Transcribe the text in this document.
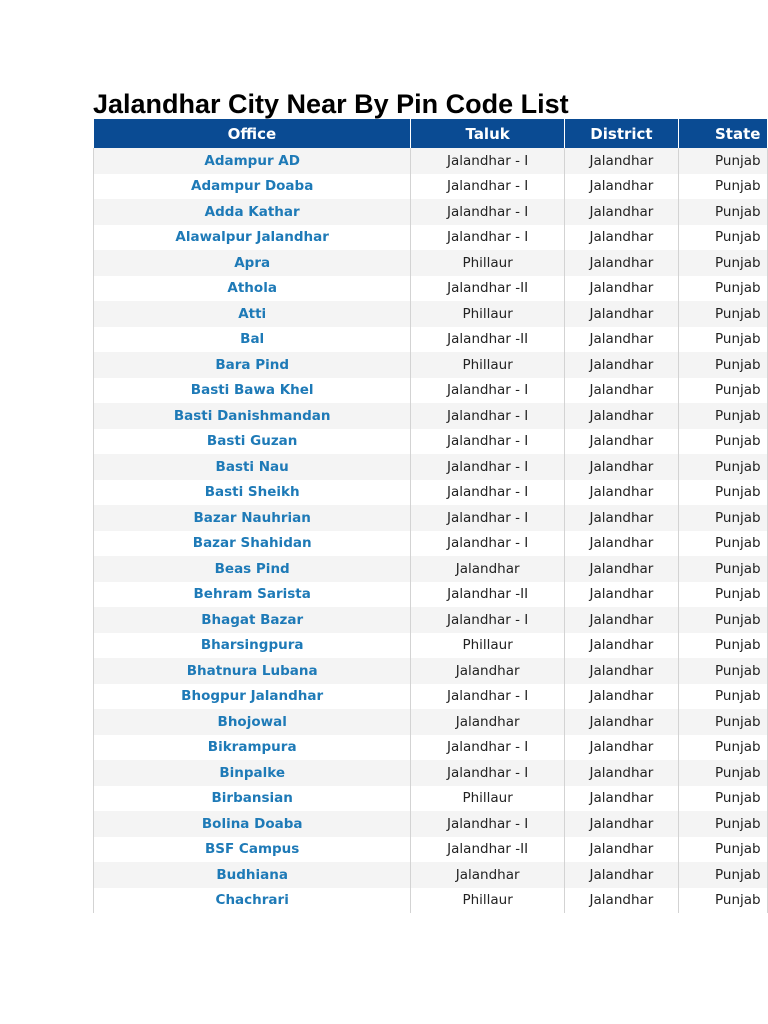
Jalandhar City Near By Pin Code List
Office	Taluk	District	State
Adampur AD	Jalandhar - I	Jalandhar	Punjab
Adampur Doaba	Jalandhar - I	Jalandhar	Punjab
Adda Kathar	Jalandhar - I	Jalandhar	Punjab
Alawalpur Jalandhar	Jalandhar - I	Jalandhar	Punjab
Apra	Phillaur	Jalandhar	Punjab
Athola	Jalandhar -II	Jalandhar	Punjab
Atti	Phillaur	Jalandhar	Punjab
Bal	Jalandhar -II	Jalandhar	Punjab
Bara Pind	Phillaur	Jalandhar	Punjab
Basti Bawa Khel	Jalandhar - I	Jalandhar	Punjab
Basti Danishmandan	Jalandhar - I	Jalandhar	Punjab
Basti Guzan	Jalandhar - I	Jalandhar	Punjab
Basti Nau	Jalandhar - I	Jalandhar	Punjab
Basti Sheikh	Jalandhar - I	Jalandhar	Punjab
Bazar Nauhrian	Jalandhar - I	Jalandhar	Punjab
Bazar Shahidan	Jalandhar - I	Jalandhar	Punjab
Beas Pind	Jalandhar	Jalandhar	Punjab
Behram Sarista	Jalandhar -II	Jalandhar	Punjab
Bhagat Bazar	Jalandhar - I	Jalandhar	Punjab
Bharsingpura	Phillaur	Jalandhar	Punjab
Bhatnura Lubana	Jalandhar	Jalandhar	Punjab
Bhogpur Jalandhar	Jalandhar - I	Jalandhar	Punjab
Bhojowal	Jalandhar	Jalandhar	Punjab
Bikrampura	Jalandhar - I	Jalandhar	Punjab
Binpalke	Jalandhar - I	Jalandhar	Punjab
Birbansian	Phillaur	Jalandhar	Punjab
Bolina Doaba	Jalandhar - I	Jalandhar	Punjab
BSF Campus	Jalandhar -II	Jalandhar	Punjab
Budhiana	Jalandhar	Jalandhar	Punjab
Chachrari	Phillaur	Jalandhar	Punjab
